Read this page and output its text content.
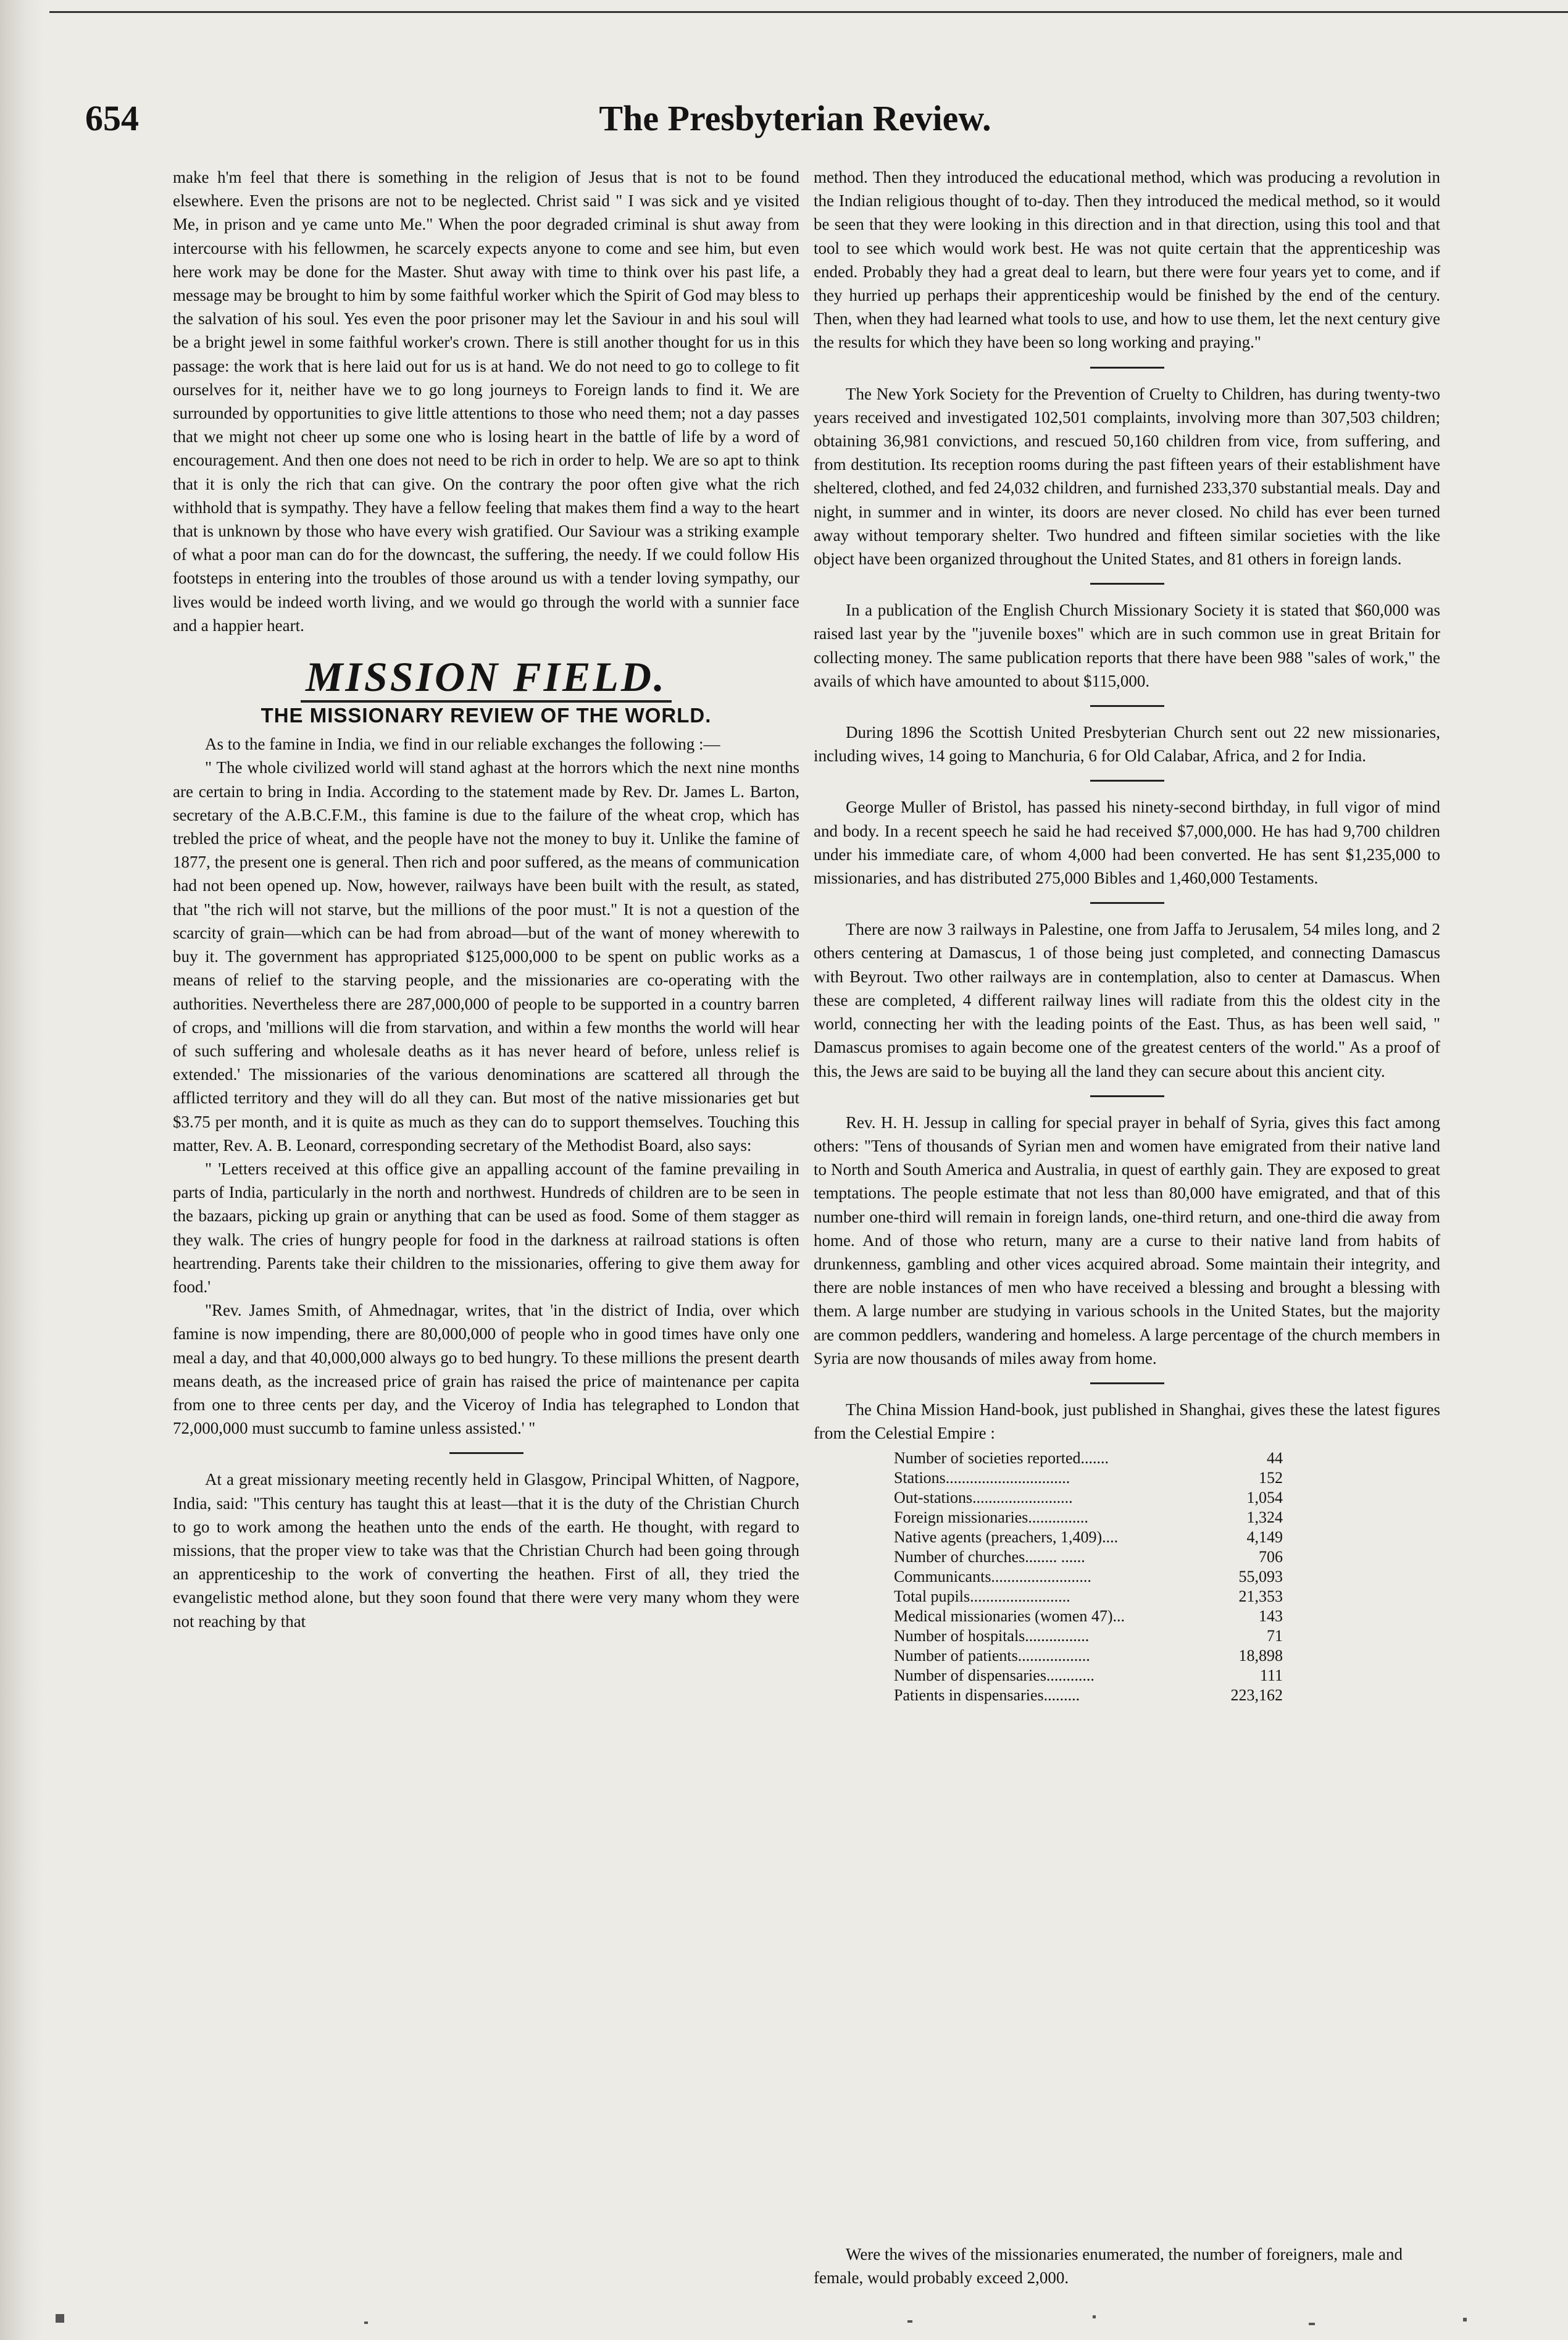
654	The Presbyterian Review.

make h'm feel that there is something in the religion of Jesus that is not to be found elsewhere. Even the prisons are not to be neglected. Christ said " I was sick and ye visited Me, in prison and ye came unto Me." When the poor degraded criminal is shut away from intercourse with his fellowmen, he scarcely expects anyone to come and see him, but even here work may be done for the Master. Shut away with time to think over his past life, a message may be brought to him by some faithful worker which the Spirit of God may bless to the salvation of his soul. Yes even the poor prisoner may let the Saviour in and his soul will be a bright jewel in some faithful worker's crown. There is still another thought for us in this passage: the work that is here laid out for us is at hand. We do not need to go to college to fit ourselves for it, neither have we to go long journeys to Foreign lands to find it. We are surrounded by opportunities to give little attentions to those who need them; not a day passes that we might not cheer up some one who is losing heart in the battle of life by a word of encouragement. And then one does not need to be rich in order to help. We are so apt to think that it is only the rich that can give. On the contrary the poor often give what the rich withhold that is sympathy. They have a fellow feeling that makes them find a way to the heart that is unknown by those who have every wish gratified. Our Saviour was a striking example of what a poor man can do for the downcast, the suffering, the needy. If we could follow His footsteps in entering into the troubles of those around us with a tender loving sympathy, our lives would be indeed worth living, and we would go through the world with a sunnier face and a happier heart.

MISSION FIELD.
THE MISSIONARY REVIEW OF THE WORLD.

As to the famine in India, we find in our reliable exchanges the following :—

" The whole civilized world will stand aghast at the horrors which the next nine months are certain to bring in India. According to the statement made by Rev. Dr. James L. Barton, secretary of the A.B.C.F.M., this famine is due to the failure of the wheat crop, which has trebled the price of wheat, and the people have not the money to buy it. Unlike the famine of 1877, the present one is general. Then rich and poor suffered, as the means of communication had not been opened up. Now, however, railways have been built with the result, as stated, that "the rich will not starve, but the millions of the poor must." It is not a question of the scarcity of grain—which can be had from abroad—but of the want of money wherewith to buy it. The government has appropriated $125,000,000 to be spent on public works as a means of relief to the starving people, and the missionaries are co-operating with the authorities. Nevertheless there are 287,000,000 of people to be supported in a country barren of crops, and 'millions will die from starvation, and within a few months the world will hear of such suffering and wholesale deaths as it has never heard of before, unless relief is extended.' The missionaries of the various denominations are scattered all through the afflicted territory and they will do all they can. But most of the native missionaries get but $3.75 per month, and it is quite as much as they can do to support themselves. Touching this matter, Rev. A. B. Leonard, corresponding secretary of the Methodist Board, also says:

" 'Letters received at this office give an appalling account of the famine prevailing in parts of India, particularly in the north and northwest. Hundreds of children are to be seen in the bazaars, picking up grain or anything that can be used as food. Some of them stagger as they walk. The cries of hungry people for food in the darkness at railroad stations is often heartrending. Parents take their children to the missionaries, offering to give them away for food.'

"Rev. James Smith, of Ahmednagar, writes, that 'in the district of India, over which famine is now impending, there are 80,000,000 of people who in good times have only one meal a day, and that 40,000,000 always go to bed hungry. To these millions the present dearth means death, as the increased price of grain has raised the price of maintenance per capita from one to three cents per day, and the Viceroy of India has telegraphed to London that 72,000,000 must succumb to famine unless assisted.' "

At a great missionary meeting recently held in Glasgow, Principal Whitten, of Nagpore, India, said: "This century has taught this at least—that it is the duty of the Christian Church to go to work among the heathen unto the ends of the earth. He thought, with regard to missions, that the proper view to take was that the Christian Church had been going through an apprenticeship to the work of converting the heathen. First of all, they tried the evangelistic method alone, but they soon found that there were very many whom they were not reaching by that

method. Then they introduced the educational method, which was producing a revolution in the Indian religious thought of to-day. Then they introduced the medical method, so it would be seen that they were looking in this direction and in that direction, using this tool and that tool to see which would work best. He was not quite certain that the apprenticeship was ended. Probably they had a great deal to learn, but there were four years yet to come, and if they hurried up perhaps their apprenticeship would be finished by the end of the century. Then, when they had learned what tools to use, and how to use them, let the next century give the results for which they have been so long working and praying."

The New York Society for the Prevention of Cruelty to Children, has during twenty-two years received and investigated 102,501 complaints, involving more than 307,503 children; obtaining 36,981 convictions, and rescued 50,160 children from vice, from suffering, and from destitution. Its reception rooms during the past fifteen years of their establishment have sheltered, clothed, and fed 24,032 children, and furnished 233,370 substantial meals. Day and night, in summer and in winter, its doors are never closed. No child has ever been turned away without temporary shelter. Two hundred and fifteen similar societies with the like object have been organized throughout the United States, and 81 others in foreign lands.

In a publication of the English Church Missionary Society it is stated that $60,000 was raised last year by the "juvenile boxes" which are in such common use in great Britain for collecting money. The same publication reports that there have been 988 "sales of work," the avails of which have amounted to about $115,000.

During 1896 the Scottish United Presbyterian Church sent out 22 new missionaries, including wives, 14 going to Manchuria, 6 for Old Calabar, Africa, and 2 for India.

George Muller of Bristol, has passed his ninety-second birthday, in full vigor of mind and body. In a recent speech he said he had received $7,000,000. He has had 9,700 children under his immediate care, of whom 4,000 had been converted. He has sent $1,235,000 to missionaries, and has distributed 275,000 Bibles and 1,460,000 Testaments.

There are now 3 railways in Palestine, one from Jaffa to Jerusalem, 54 miles long, and 2 others centering at Damascus, 1 of those being just completed, and connecting Damascus with Beyrout. Two other railways are in contemplation, also to center at Damascus. When these are completed, 4 different railway lines will radiate from this the oldest city in the world, connecting her with the leading points of the East. Thus, as has been well said, " Damascus promises to again become one of the greatest centers of the world." As a proof of this, the Jews are said to be buying all the land they can secure about this ancient city.

Rev. H. H. Jessup in calling for special prayer in behalf of Syria, gives this fact among others: "Tens of thousands of Syrian men and women have emigrated from their native land to North and South America and Australia, in quest of earthly gain. They are exposed to great temptations. The people estimate that not less than 80,000 have emigrated, and that of this number one-third will remain in foreign lands, one-third return, and one-third die away from home. And of those who return, many are a curse to their native land from habits of drunkenness, gambling and other vices acquired abroad. Some maintain their integrity, and there are noble instances of men who have received a blessing and brought a blessing with them. A large number are studying in various schools in the United States, but the majority are common peddlers, wandering and homeless. A large percentage of the church members in Syria are now thousands of miles away from home.

The China Mission Hand-book, just published in Shanghai, gives these the latest figures from the Celestial Empire :

Number of societies reported.......	44
Stations...............................	152
Out-stations.........................	1,054
Foreign missionaries...............	1,324
Native agents (preachers, 1,409)....	4,149
Number of churches........ ......	706
Communicants.........................	55,093
Total pupils.........................	21,353
Medical missionaries (women 47)...	143
Number of hospitals................	71
Number of patients..................	18,898
Number of dispensaries............	111
Patients in dispensaries.........	223,162
Were the wives of the missionaries enumerated, the number of foreigners, male and female, would probably exceed 2,000.
